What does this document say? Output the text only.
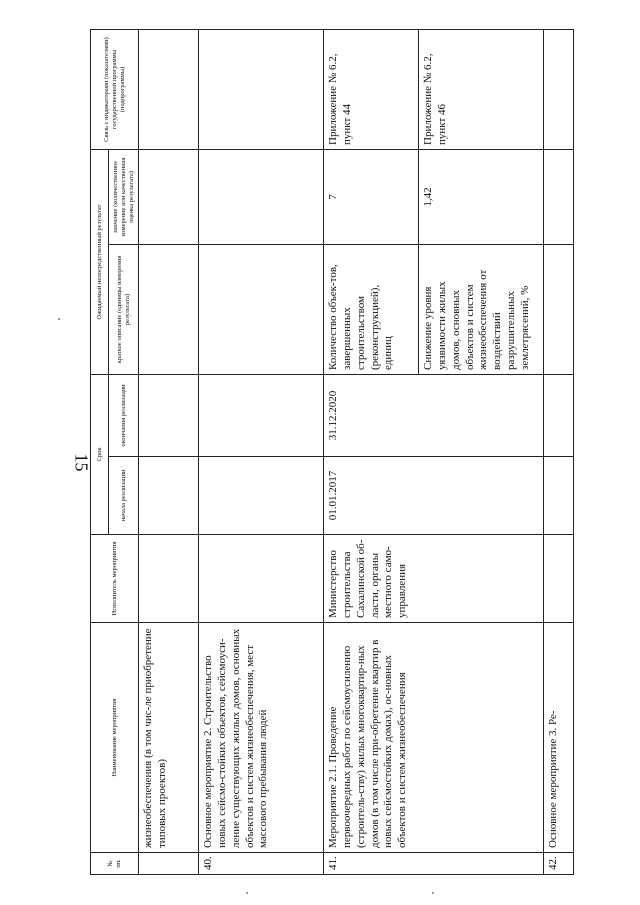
15
№ пп.	Наименование мероприятия	Исполнитель мероприятия	Срок		Ожидаемый непосредственный результат		Связь с индикаторами (показателями) государственной программы (подпрограммы)
			начала реализации	окончания реализации	краткое описание (единицы измерения результата)	значение (количественное измерение или качественная оценка результата)	
	жизнеобеспечения (в том чис-ле приобретение типовых проектов)						
40.	Основное мероприятие 2. Строительство новых сейсмо-стойких объектов, сейсмоуси-ление существующих жилых домов, основных объектов и систем жизнеобеспечения, мест массового пребывания людей						
41.	Мероприятие 2.1. Проведение первоочередных работ по сейсмоусилению (строитель-ству) жилых многоквартир-ных домов (в том числе при-обретение квартир в новых сейсмостойких домах), ос-новных объектов и систем жизнеобеспечения	Министерство строительства Сахалинской об-ласти, органы местного само-управления	01.01.2017	31.12.2020	Количество объек-тов, завершенных строительством (реконструкцией), единиц	7	Приложение № 6.2, пункт 44
					Снижение уровня уязвимости жилых домов, основных объектов и систем жизнеобеспечения от воздействий разрушительных землетрясений, %	1,42	Приложение № 6.2, пункт 46
42.	Основное мероприятие 3. Ре-						
